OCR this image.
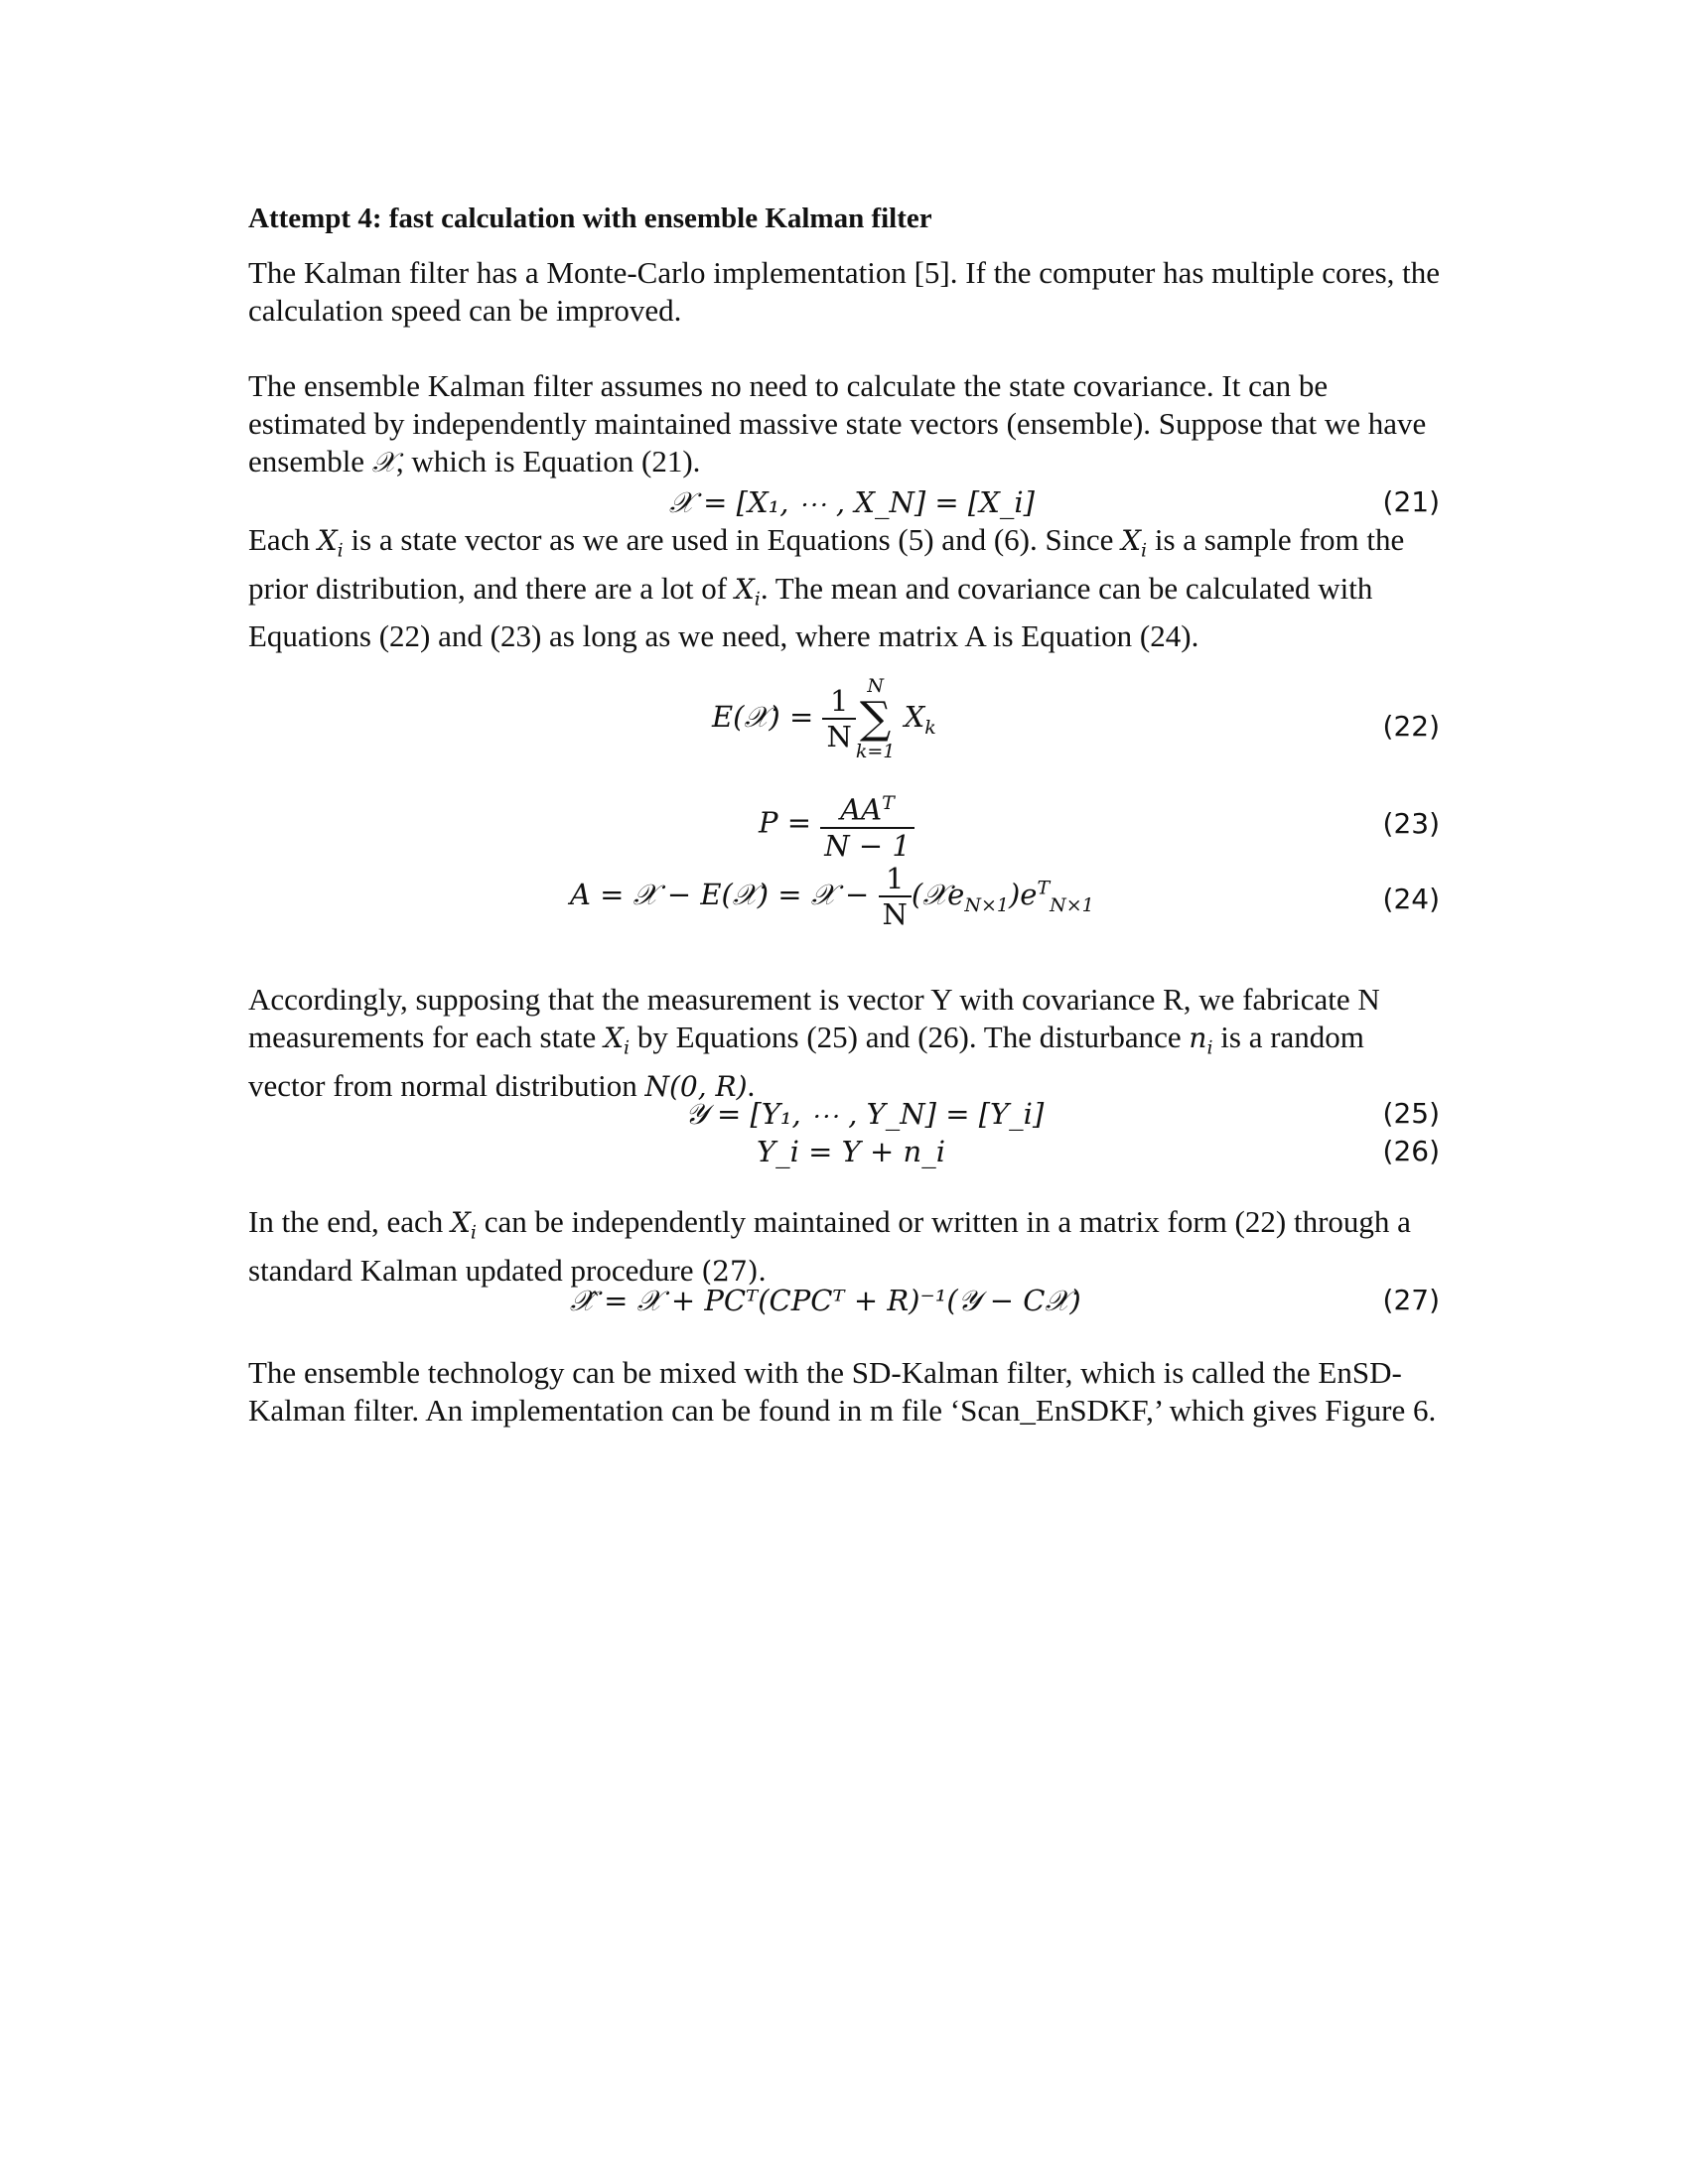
Attempt 4: fast calculation with ensemble Kalman filter

The Kalman filter has a Monte-Carlo implementation [5]. If the computer has multiple cores, the calculation speed can be improved.

The ensemble Kalman filter assumes no need to calculate the state covariance. It can be estimated by independently maintained massive state vectors (ensemble). Suppose that we have ensemble 𝒳, which is Equation (21).

𝒳 = [X₁, ⋯ , X_N] = [X_i]	(21)

Each $X_i$ is a state vector as we are used in Equations (5) and (6). Since $X_i$ is a sample from the prior distribution, and there are a lot of $X_i$. The mean and covariance can be calculated with Equations (22) and (23) as long as we need, where matrix A is Equation (24).

E(𝒳) = $\frac{1}{N}$ N
∑
k=1
$X_k$	(22)
$P = \frac{AA^T}{N - 1}$	(23)
A = 𝒳 − E(𝒳) = 𝒳 − $\frac{1}{N}$ $(𝒳e_{N\times 1})e^T_{N\times 1}$	(24)

Accordingly, supposing that the measurement is vector Y with covariance R, we fabricate N measurements for each state $X_i$ by Equations (25) and (26). The disturbance $n_i$ is a random vector from normal distribution N(0, R).

𝒴 = [Y₁, ⋯ , Y_N] = [Y_i]	(25)
Y_i = Y + n_i	(26)

In the end, each $X_i$ can be independently maintained or written in a matrix form (22) through a standard Kalman updated procedure (27).

𝒳̂ = 𝒳 + PCᵀ(CPCᵀ + R)⁻¹(𝒴 − C𝒳)	(27)

The ensemble technology can be mixed with the SD-Kalman filter, which is called the EnSD-Kalman filter. An implementation can be found in m file ‘Scan_EnSDKF,’ which gives Figure 6.
